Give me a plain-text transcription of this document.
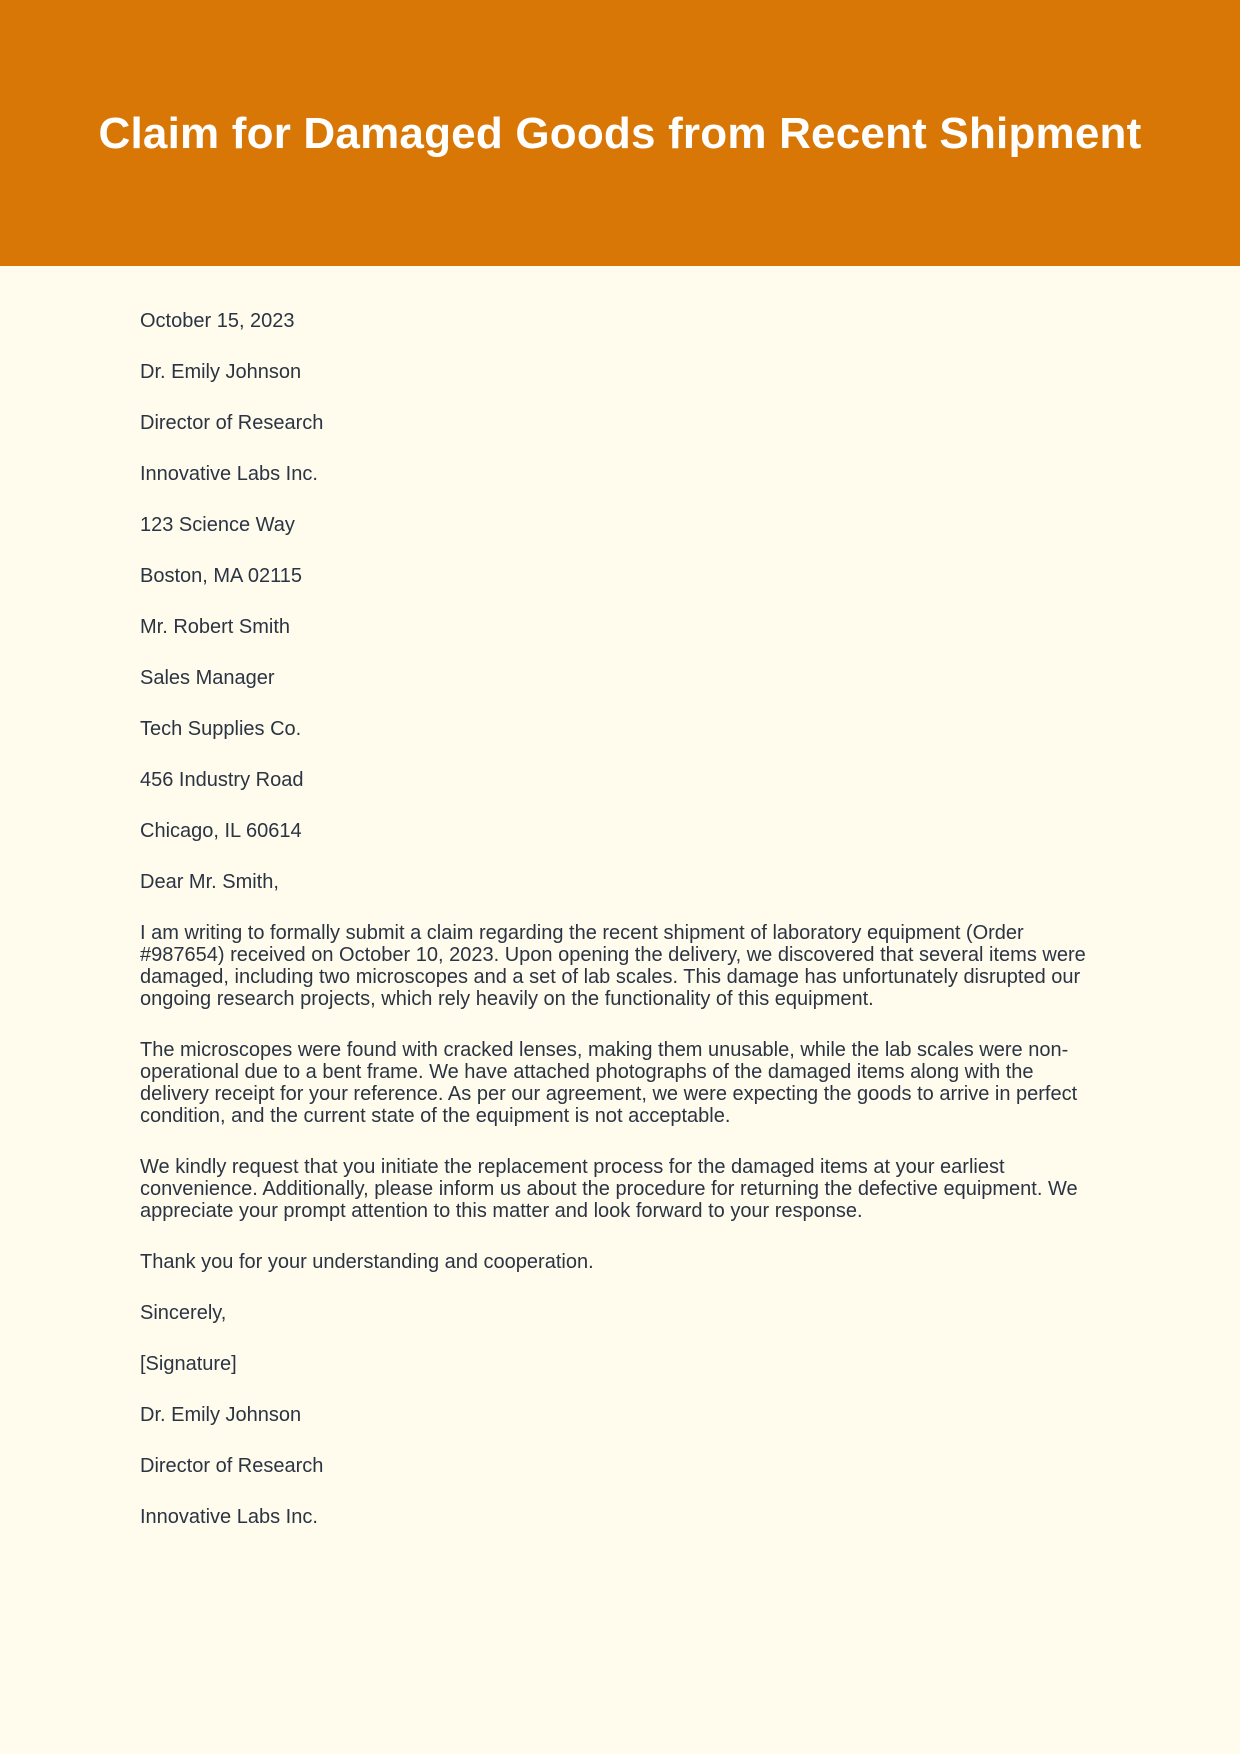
Claim for Damaged Goods from Recent Shipment

October 15, 2023

Dr. Emily Johnson

Director of Research

Innovative Labs Inc.

123 Science Way

Boston, MA 02115

Mr. Robert Smith

Sales Manager

Tech Supplies Co.

456 Industry Road

Chicago, IL 60614

Dear Mr. Smith,

I am writing to formally submit a claim regarding the recent shipment of laboratory equipment (Order #987654) received on October 10, 2023. Upon opening the delivery, we discovered that several items were damaged, including two microscopes and a set of lab scales. This damage has unfortunately disrupted our ongoing research projects, which rely heavily on the functionality of this equipment.

The microscopes were found with cracked lenses, making them unusable, while the lab scales were non-operational due to a bent frame. We have attached photographs of the damaged items along with the delivery receipt for your reference. As per our agreement, we were expecting the goods to arrive in perfect condition, and the current state of the equipment is not acceptable.

We kindly request that you initiate the replacement process for the damaged items at your earliest convenience. Additionally, please inform us about the procedure for returning the defective equipment. We appreciate your prompt attention to this matter and look forward to your response.

Thank you for your understanding and cooperation.

Sincerely,

[Signature]

Dr. Emily Johnson

Director of Research

Innovative Labs Inc.
